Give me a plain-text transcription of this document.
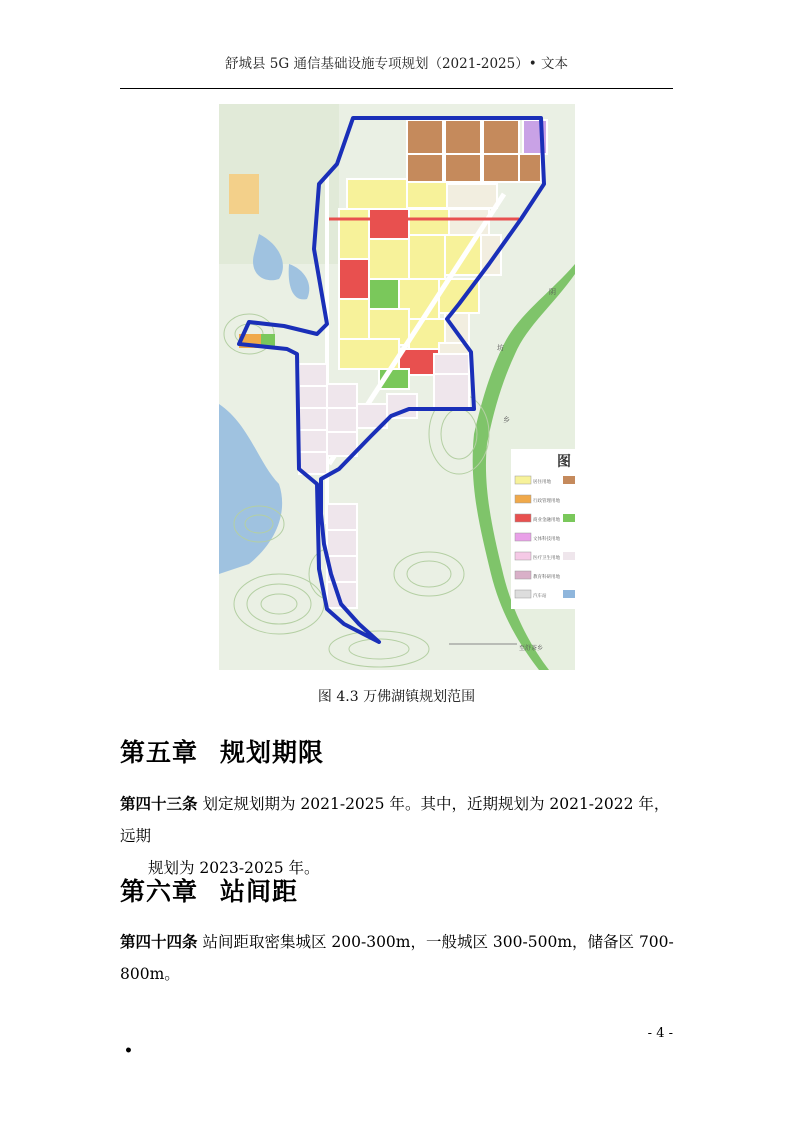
舒城县 5G 通信基础设施专项规划（2021-2025）• 文本
图
居住用地
行政管理用地
商业金融用地
文体科技用地
医疗卫生用地
教育科研用地
汽车站
阴
坊
乡
至舒茶乡
图 4.3 万佛湖镇规划范围
第五章 规划期限
第四十三条 划定规划期为 2021-2025 年。其中，近期规划为 2021-2022 年，远期
规划为 2023-2025 年。
第六章 站间距
第四十四条 站间距取密集城区 200-300m，一般城区 300-500m，储备区 700-800m。
- 4 -
•
